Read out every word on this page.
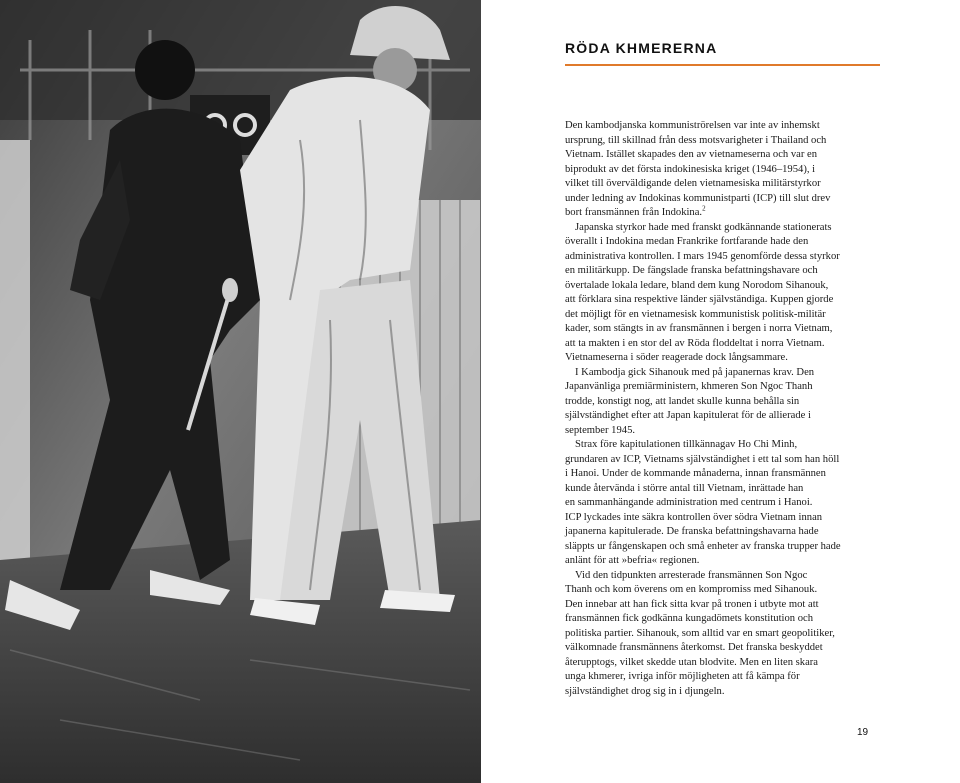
RÖDA KHMERERNA

Den kambodjanska kommuniströrelsen var inte av inhemskt
ursprung, till skillnad från dess motsvarigheter i Thailand och
Vietnam. Istället skapades den av vietnameserna och var en
biprodukt av det första indokinesiska kriget (1946–1954), i
vilket till överväldigande delen vietnamesiska militärstyrkor
under ledning av Indokinas kommunistparti (ICP) till slut drev
bort fransmännen från Indokina.$^2$

Japanska styrkor hade med franskt godkännande stationerats
överallt i Indokina medan Frankrike fortfarande hade den
administrativa kontrollen. I mars 1945 genomförde dessa styrkor
en militärkupp. De fängslade franska befattningshavare och
övertalade lokala ledare, bland dem kung Norodom Sihanouk,
att förklara sina respektive länder självständiga. Kuppen gjorde
det möjligt för en vietnamesisk kommunistisk politisk-militär
kader, som stängts in av fransmännen i bergen i norra Vietnam,
att ta makten i en stor del av Röda floddeltat i norra Vietnam.
Vietnameserna i söder reagerade dock långsammare.

I Kambodja gick Sihanouk med på japanernas krav. Den
Japanvänliga premiärministern, khmeren Son Ngoc Thanh
trodde, konstigt nog, att landet skulle kunna behålla sin
självständighet efter att Japan kapitulerat för de allierade i
september 1945.

Strax före kapitulationen tillkännagav Ho Chi Minh,
grundaren av ICP, Vietnams självständighet i ett tal som han höll
i Hanoi. Under de kommande månaderna, innan fransmännen
kunde återvända i större antal till Vietnam, inrättade han
en sammanhängande administration med centrum i Hanoi.
ICP lyckades inte säkra kontrollen över södra Vietnam innan
japanerna kapitulerade. De franska befattningshavarna hade
släppts ur fångenskapen och små enheter av franska trupper hade
anlänt för att »befria« regionen.

Vid den tidpunkten arresterade fransmännen Son Ngoc
Thanh och kom överens om en kompromiss med Sihanouk.
Den innebar att han fick sitta kvar på tronen i utbyte mot att
fransmännen fick godkänna kungadömets konstitution och
politiska partier. Sihanouk, som alltid var en smart geopolitiker,
välkomnade fransmännens återkomst. Det franska beskyddet
återupptogs, vilket skedde utan blodvite. Men en liten skara
unga khmerer, ivriga inför möjligheten att få kämpa för
självständighet drog sig in i djungeln.

19
